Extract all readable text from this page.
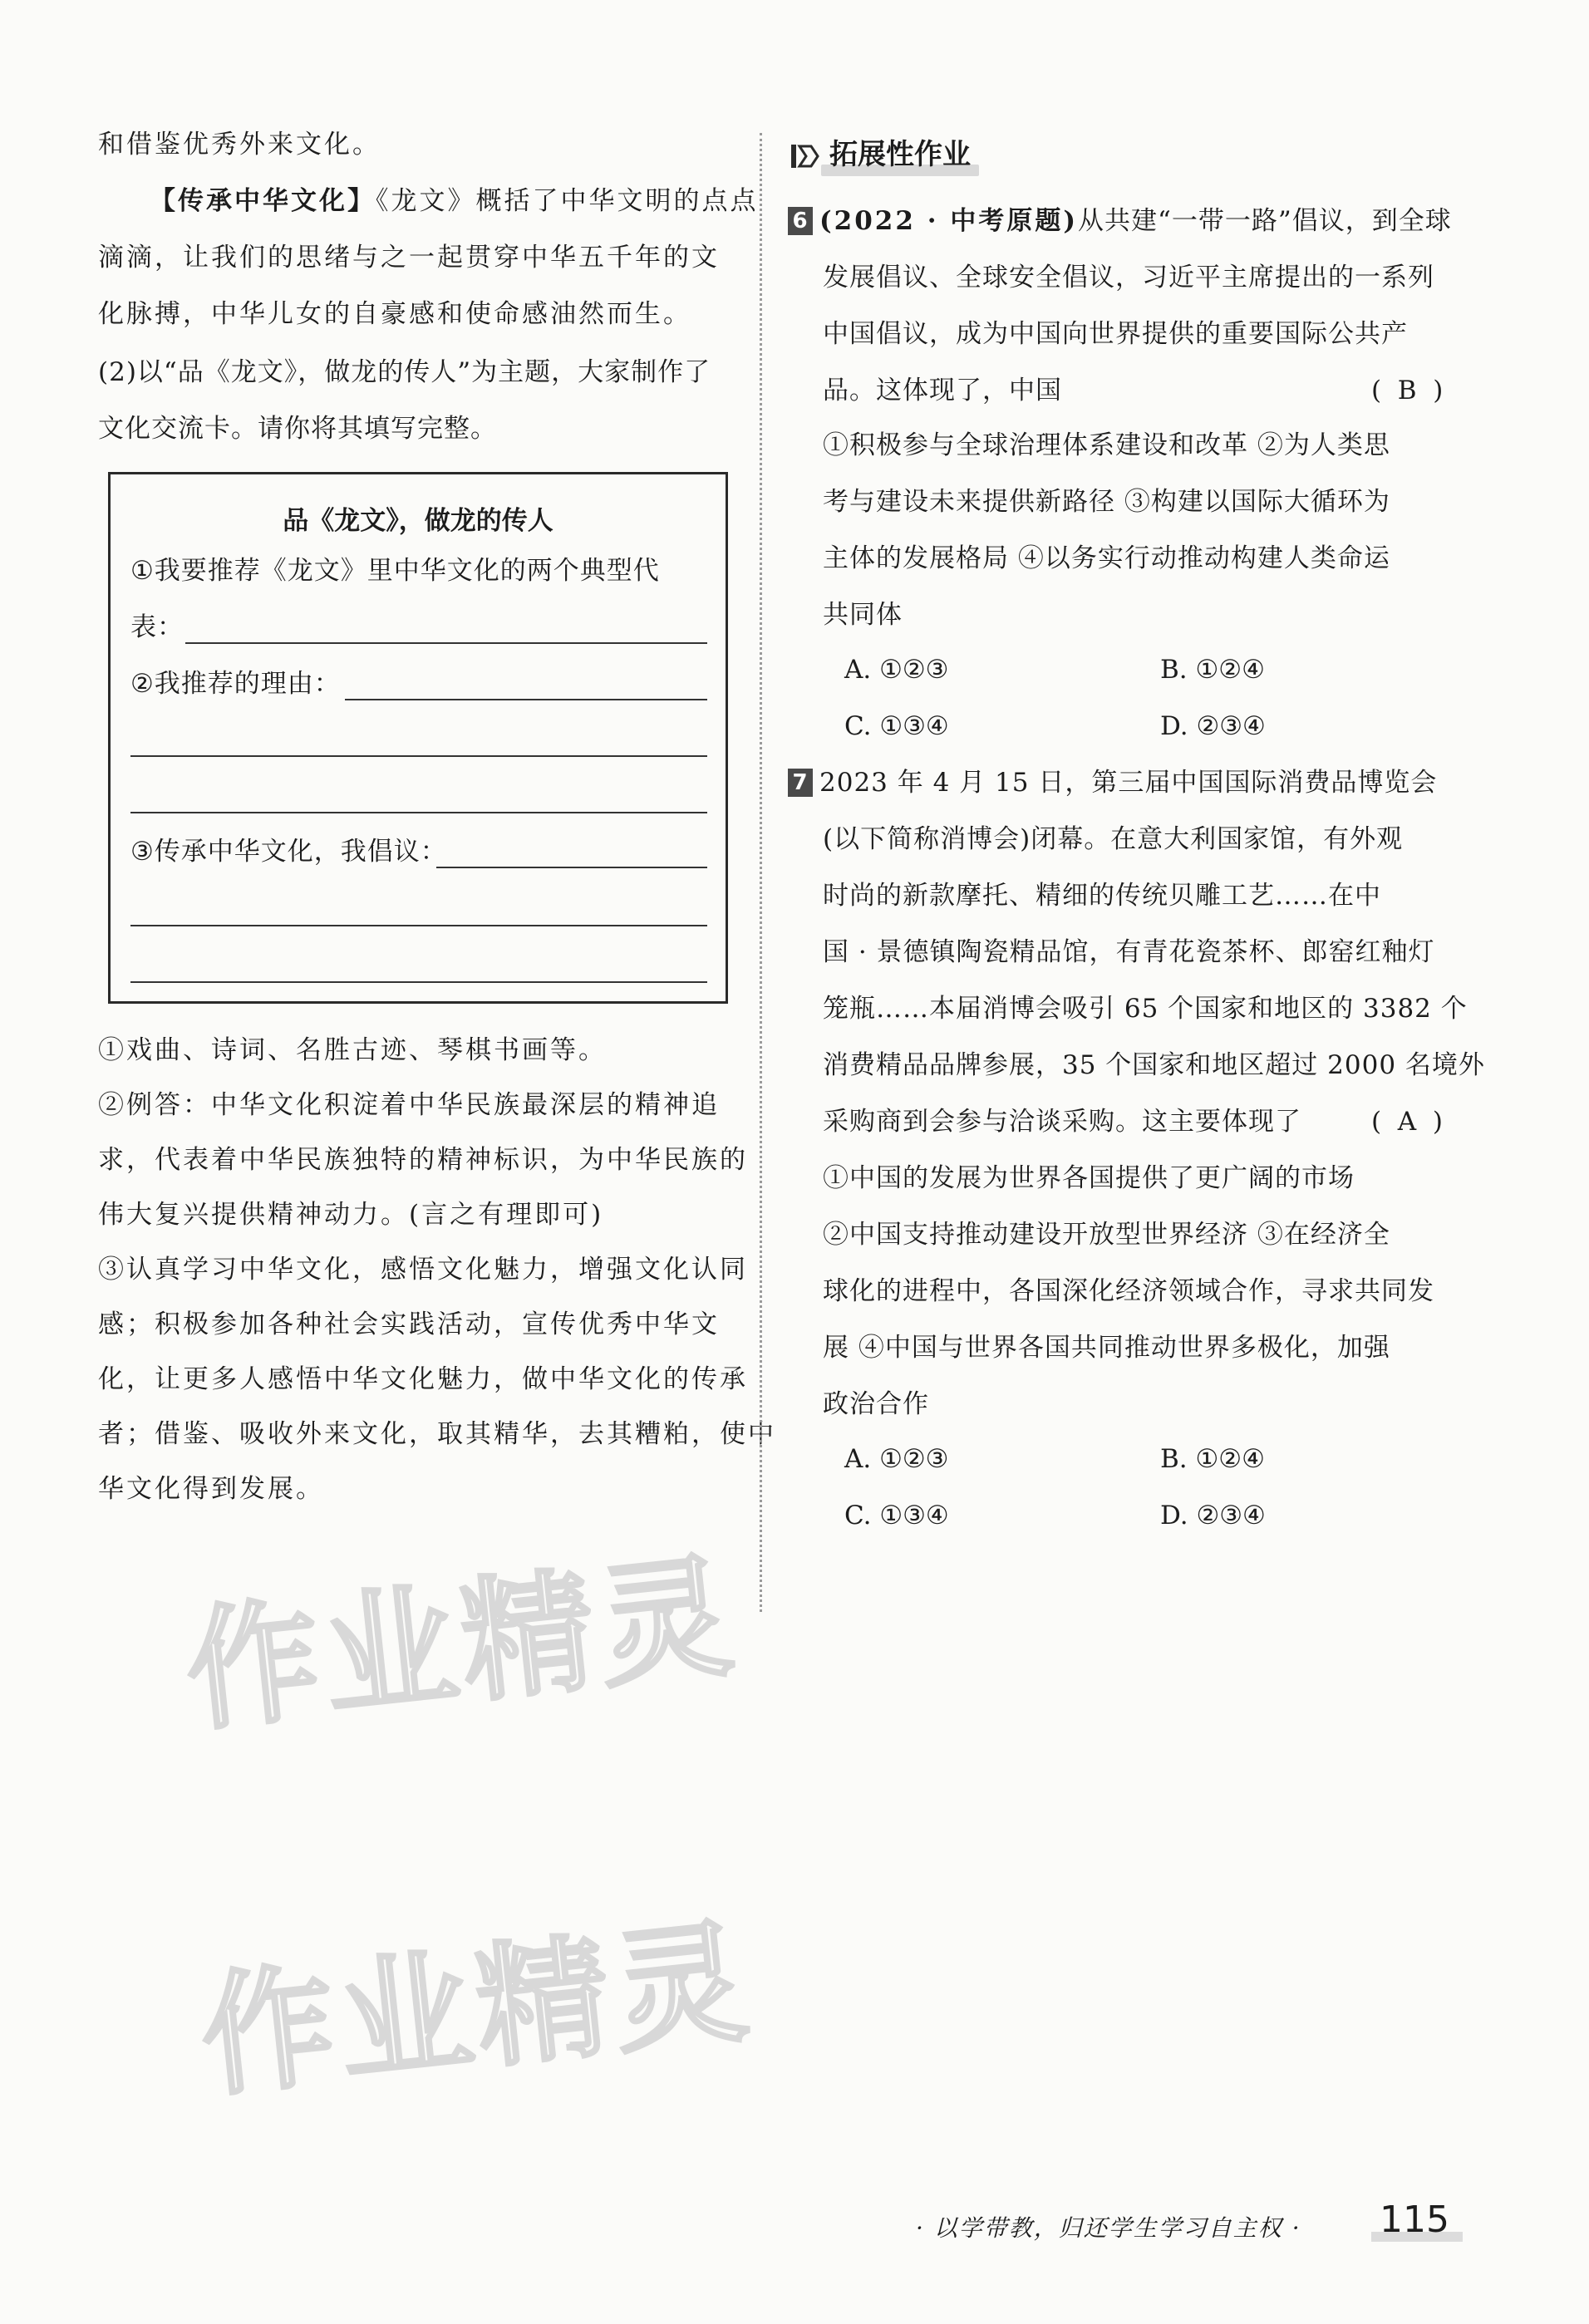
作业精灵
作业精灵
和借鉴优秀外来文化。
【传承中华文化】《龙文》概括了中华文明的点点
滴滴，让我们的思绪与之一起贯穿中华五千年的文
化脉搏，中华儿女的自豪感和使命感油然而生。
(2)以“品《龙文》，做龙的传人”为主题，大家制作了
文化交流卡。请你将其填写完整。
品《龙文》，做龙的传人
①我要推荐《龙文》里中华文化的两个典型代
表：
②我推荐的理由：
③传承中华文化，我倡议：
①戏曲、诗词、名胜古迹、琴棋书画等。
②例答：中华文化积淀着中华民族最深层的精神追
求，代表着中华民族独特的精神标识，为中华民族的
伟大复兴提供精神动力。(言之有理即可)
③认真学习中华文化，感悟文化魅力，增强文化认同
感；积极参加各种社会实践活动，宣传优秀中华文
化，让更多人感悟中华文化魅力，做中华文化的传承
者；借鉴、吸收外来文化，取其精华，去其糟粕，使中
华文化得到发展。
拓展性作业
6 (2022 · 中考原题)从共建“一带一路”倡议，到全球
发展倡议、全球安全倡议，习近平主席提出的一系列
中国倡议，成为中国向世界提供的重要国际公共产
品。这体现了，中国	(  B  )
①积极参与全球治理体系建设和改革 ②为人类思
考与建设未来提供新路径 ③构建以国际大循环为
主体的发展格局 ④以务实行动推动构建人类命运
共同体
A. ①②③	B. ①②④
C. ①③④	D. ②③④
7 2023 年 4 月 15 日，第三届中国国际消费品博览会
(以下简称消博会)闭幕。在意大利国家馆，有外观
时尚的新款摩托、精细的传统贝雕工艺……在中
国 · 景德镇陶瓷精品馆，有青花瓷茶杯、郎窑红釉灯
笼瓶……本届消博会吸引 65 个国家和地区的 3382 个
消费精品品牌参展，35 个国家和地区超过 2000 名境外
采购商到会参与洽谈采购。这主要体现了	(  A  )
①中国的发展为世界各国提供了更广阔的市场
②中国支持推动建设开放型世界经济 ③在经济全
球化的进程中，各国深化经济领域合作，寻求共同发
展 ④中国与世界各国共同推动世界多极化，加强
政治合作
A. ①②③	B. ①②④
C. ①③④	D. ②③④
· 以学带教，归还学生学习自主权 · 115
